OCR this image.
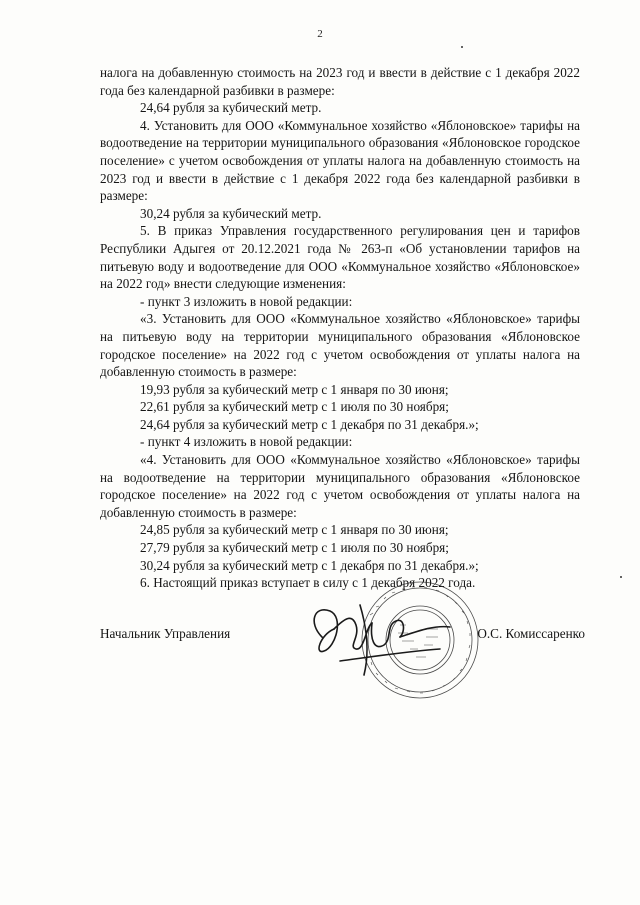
2

налога на добавленную стоимость на 2023 год и ввести в действие с 1 декабря 2022 года без календарной разбивки в размере:

24,64 рубля за кубический метр.

4. Установить для ООО «Коммунальное хозяйство «Яблоновское» тарифы на водоотведение на территории муниципального образования «Яблоновское городское поселение» с учетом освобождения от уплаты налога на добавленную стоимость на 2023 год и ввести в действие с 1 декабря 2022 года без календарной разбивки в размере:

30,24 рубля за кубический метр.

5. В приказ Управления государственного регулирования цен и тарифов Республики Адыгея от 20.12.2021 года № 263-п «Об установлении тарифов на питьевую воду и водоотведение для ООО «Коммунальное хозяйство «Яблоновское» на 2022 год» внести следующие изменения:

- пункт 3 изложить в новой редакции:

«3. Установить для ООО «Коммунальное хозяйство «Яблоновское» тарифы на питьевую воду на территории муниципального образования «Яблоновское городское поселение» на 2022 год с учетом освобождения от уплаты налога на добавленную стоимость в размере:

19,93 рубля за кубический метр с 1 января по 30 июня;

22,61 рубля за кубический метр с 1 июля по 30 ноября;

24,64 рубля за кубический метр с 1 декабря по 31 декабря.»;

- пункт 4 изложить в новой редакции:

«4. Установить для ООО «Коммунальное хозяйство «Яблоновское» тарифы на водоотведение на территории муниципального образования «Яблоновское городское поселение» на 2022 год с учетом освобождения от уплаты налога на добавленную стоимость в размере:

24,85 рубля за кубический метр с 1 января по 30 июня;

27,79 рубля за кубический метр с 1 июля по 30 ноября;

30,24 рубля за кубический метр с 1 декабря по 31 декабря.»;

6. Настоящий приказ вступает в силу с 1 декабря 2022 года.

Начальник Управления	О.С. Комиссаренко
